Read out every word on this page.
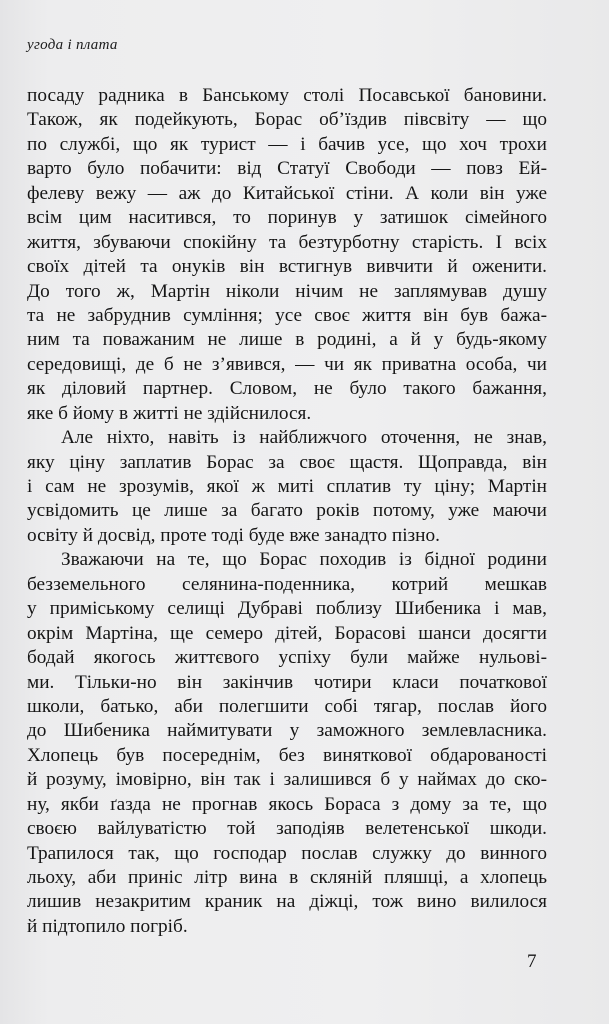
угода і плата
посаду радника в Банському столі Посавської бановини.
Також, як подейкують, Борас об’їздив півсвіту — що
по службі, що як турист — і бачив усе, що хоч трохи
варто було побачити: від Статуї Свободи — повз Ей-
фелеву вежу — аж до Китайської стіни. А коли він уже
всім цим наситився, то поринув у затишок сімейного
життя, збуваючи спокійну та безтурботну старість. І всіх
своїх дітей та онуків він встигнув вивчити й оженити.
До того ж, Мартін ніколи нічим не заплямував душу
та не забруднив сумління; усе своє життя він був бажа-
ним та поважаним не лише в родині, а й у будь-якому
середовищі, де б не з’явився, — чи як приватна особа, чи
як діловий партнер. Словом, не було такого бажання,
яке б йому в житті не здійснилося.
Але ніхто, навіть із найближчого оточення, не знав,
яку ціну заплатив Борас за своє щастя. Щоправда, він
і сам не зрозумів, якої ж миті сплатив ту ціну; Мартін
усвідомить це лише за багато років потому, уже маючи
освіту й досвід, проте тоді буде вже занадто пізно.
Зважаючи на те, що Борас походив із бідної родини
безземельного селянина-поденника, котрий мешкав
у приміському селищі Дубраві поблизу Шибеника і мав,
окрім Мартіна, ще семеро дітей, Борасові шанси досягти
бодай якогось життєвого успіху були майже нульові-
ми. Тільки-но він закінчив чотири класи початкової
школи, батько, аби полегшити собі тягар, послав його
до Шибеника наймитувати у заможного землевласника.
Хлопець був посереднім, без виняткової обдарованості
й розуму, імовірно, він так і залишився б у наймах до ско-
ну, якби ґазда не прогнав якось Бораса з дому за те, що
своєю вайлуватістю той заподіяв велетенської шкоди.
Трапилося так, що господар послав служку до винного
льоху, аби приніс літр вина в скляній пляшці, а хлопець
лишив незакритим краник на діжці, тож вино вилилося
й підтопило погріб.
7
